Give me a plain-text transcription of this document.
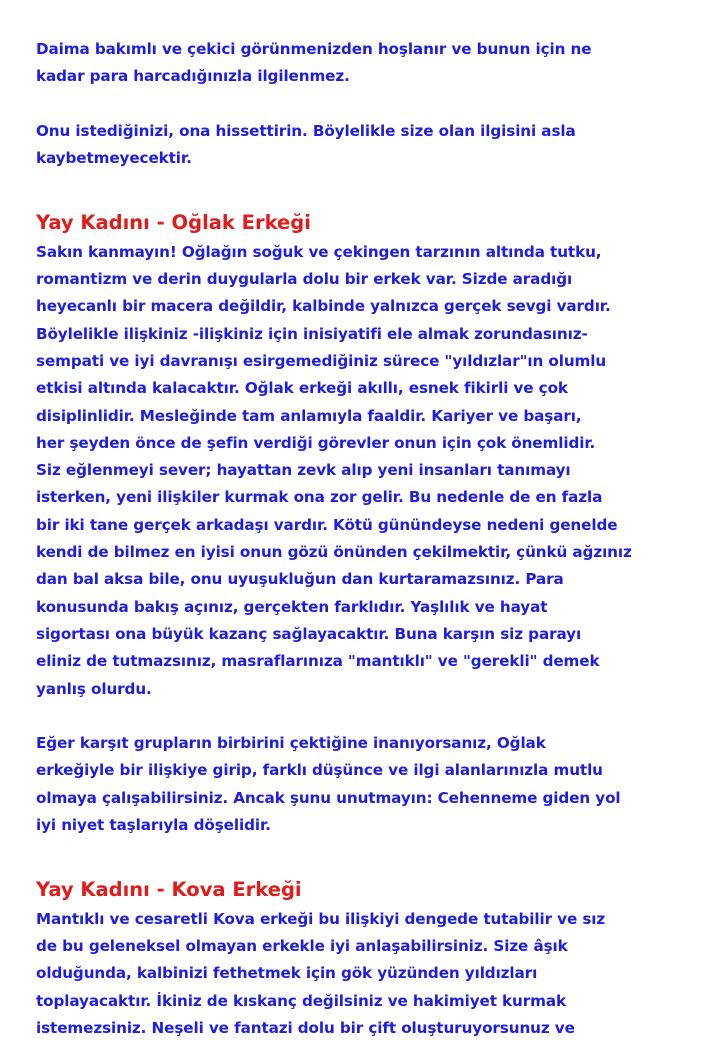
Daima bakımlı ve çekici görünmenizden hoşlanır ve bunun için ne
kadar para harcadığınızla ilgilenmez.
Onu istediğinizi, ona hissettirin. Böylelikle size olan ilgisini asla
kaybetmeyecektir.
Yay Kadını - Oğlak Erkeği
Sakın kanmayın! Oğlağın soğuk ve çekingen tarzının altında tutku,
romantizm ve derin duygularla dolu bir erkek var. Sizde aradığı
heyecanlı bir macera değildir, kalbinde yalnızca gerçek sevgi vardır.
Böylelikle ilişkiniz -ilişkiniz için inisiyatifi ele almak zorundasınız-
sempati ve iyi davranışı esirgemediğiniz sürece "yıldızlar"ın olumlu
etkisi altında kalacaktır. Oğlak erkeği akıllı, esnek fikirli ve çok
disiplinlidir. Mesleğinde tam anlamıyla faaldir. Kariyer ve başarı,
her şeyden önce de şefin verdiği görevler onun için çok önemlidir.
Siz eğlenmeyi sever; hayattan zevk alıp yeni insanları tanımayı
isterken, yeni ilişkiler kurmak ona zor gelir. Bu nedenle de en fazla
bir iki tane gerçek arkadaşı vardır. Kötü günündeyse nedeni genelde
kendi de bilmez en iyisi onun gözü önünden çekilmektir, çünkü ağzınız
dan bal aksa bile, onu uyuşukluğun dan kurtaramazsınız. Para
konusunda bakış açınız, gerçekten farklıdır. Yaşlılık ve hayat
sigortası ona büyük kazanç sağlayacaktır. Buna karşın siz parayı
eliniz de tutmazsınız, masraflarınıza "mantıklı" ve "gerekli" demek
yanlış olurdu.
Eğer karşıt grupların birbirini çektiğine inanıyorsanız, Oğlak
erkeğiyle bir ilişkiye girip, farklı düşünce ve ilgi alanlarınızla mutlu
olmaya çalışabilirsiniz. Ancak şunu unutmayın: Cehenneme giden yol
iyi niyet taşlarıyla döşelidir.
Yay Kadını - Kova Erkeği
Mantıklı ve cesaretli Kova erkeği bu ilişkiyi dengede tutabilir ve sız
de bu geleneksel olmayan erkekle iyi anlaşabilirsiniz. Size âşık
olduğunda, kalbinizi fethetmek için gök yüzünden yıldızları
toplayacaktır. İkiniz de kıskanç değilsiniz ve hakimiyet kurmak
istemezsiniz. Neşeli ve fantazi dolu bir çift oluşturuyorsunuz ve
